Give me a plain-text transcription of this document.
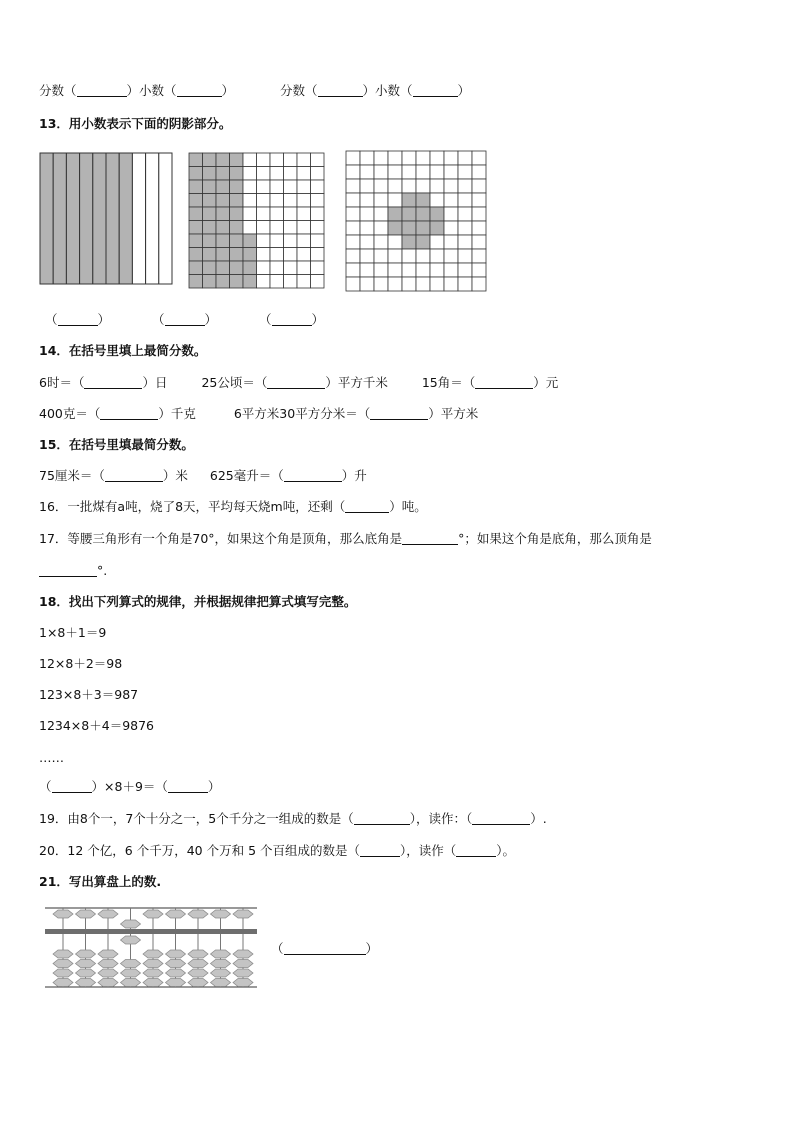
分数（	）小数（	）	分数（	）小数（	）
13．用小数表示下面的阴影部分。
（	）	（	）	（	）
14．在括号里填上最简分数。
6时＝（	）日	25公顷＝（	）平方千米	15角＝（	）元
400克＝（	）千克	6平方米30平方分米＝（	）平方米
15．在括号里填最简分数。
75厘米＝（	）米 625毫升＝（	）升
16．一批煤有a吨，烧了8天，平均每天烧m吨，还剩（	）吨。
17．等腰三角形有一个角是70°，如果这个角是顶角，那么底角是	°；如果这个角是底角，那么顶角是
°.
18．找出下列算式的规律，并根据规律把算式填写完整。
1×8＋1＝9
12×8＋2＝98
123×8＋3＝987
1234×8＋4＝9876
……
（	）×8＋9＝（	）
19．由8个一，7个十分之一，5个千分之一组成的数是（	），读作：（	）.
20．12 个亿，6 个千万，40 个万和 5 个百组成的数是（	），读作（	）。
21．写出算盘上的数.
（	）
